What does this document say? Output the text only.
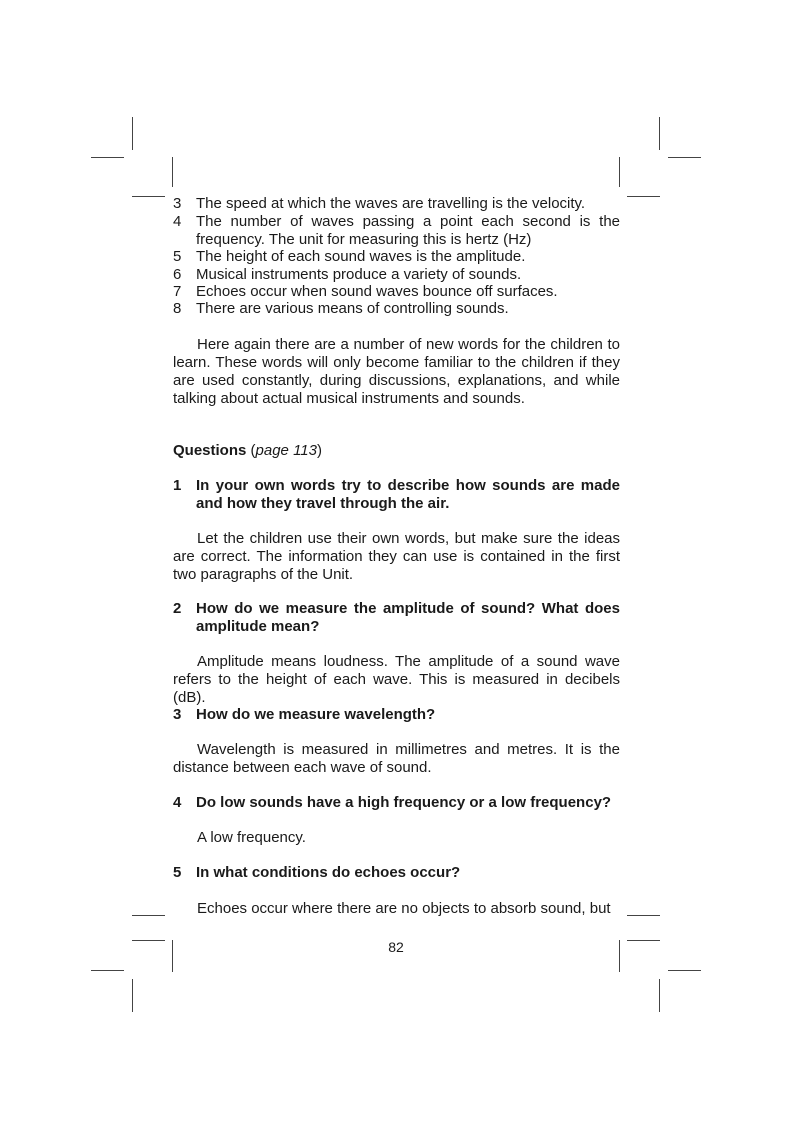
3 The speed at which the waves are travelling is the velocity.
4 The number of waves passing a point each second is the frequency. The unit for measuring this is hertz (Hz)
5 The height of each sound waves is the amplitude.
6 Musical instruments produce a variety of sounds.
7 Echoes occur when sound waves bounce off surfaces.
8 There are various means of controlling sounds.
Here again there are a number of new words for the children to learn. These words will only become familiar to the children if they are used constantly, during discussions, explanations, and while talking about actual musical instruments and sounds.
Questions (page 113)
1 In your own words try to describe how sounds are made and how they travel through the air.
Let the children use their own words, but make sure the ideas are correct. The information they can use is contained in the first two paragraphs of the Unit.
2 How do we measure the amplitude of sound? What does amplitude mean?
Amplitude means loudness. The amplitude of a sound wave refers to the height of each wave. This is measured in decibels (dB).
3 How do we measure wavelength?
Wavelength is measured in millimetres and metres. It is the distance between each wave of sound.
4 Do low sounds have a high frequency or a low frequency?
A low frequency.
5 In what conditions do echoes occur?
Echoes occur where there are no objects to absorb sound, but
82
